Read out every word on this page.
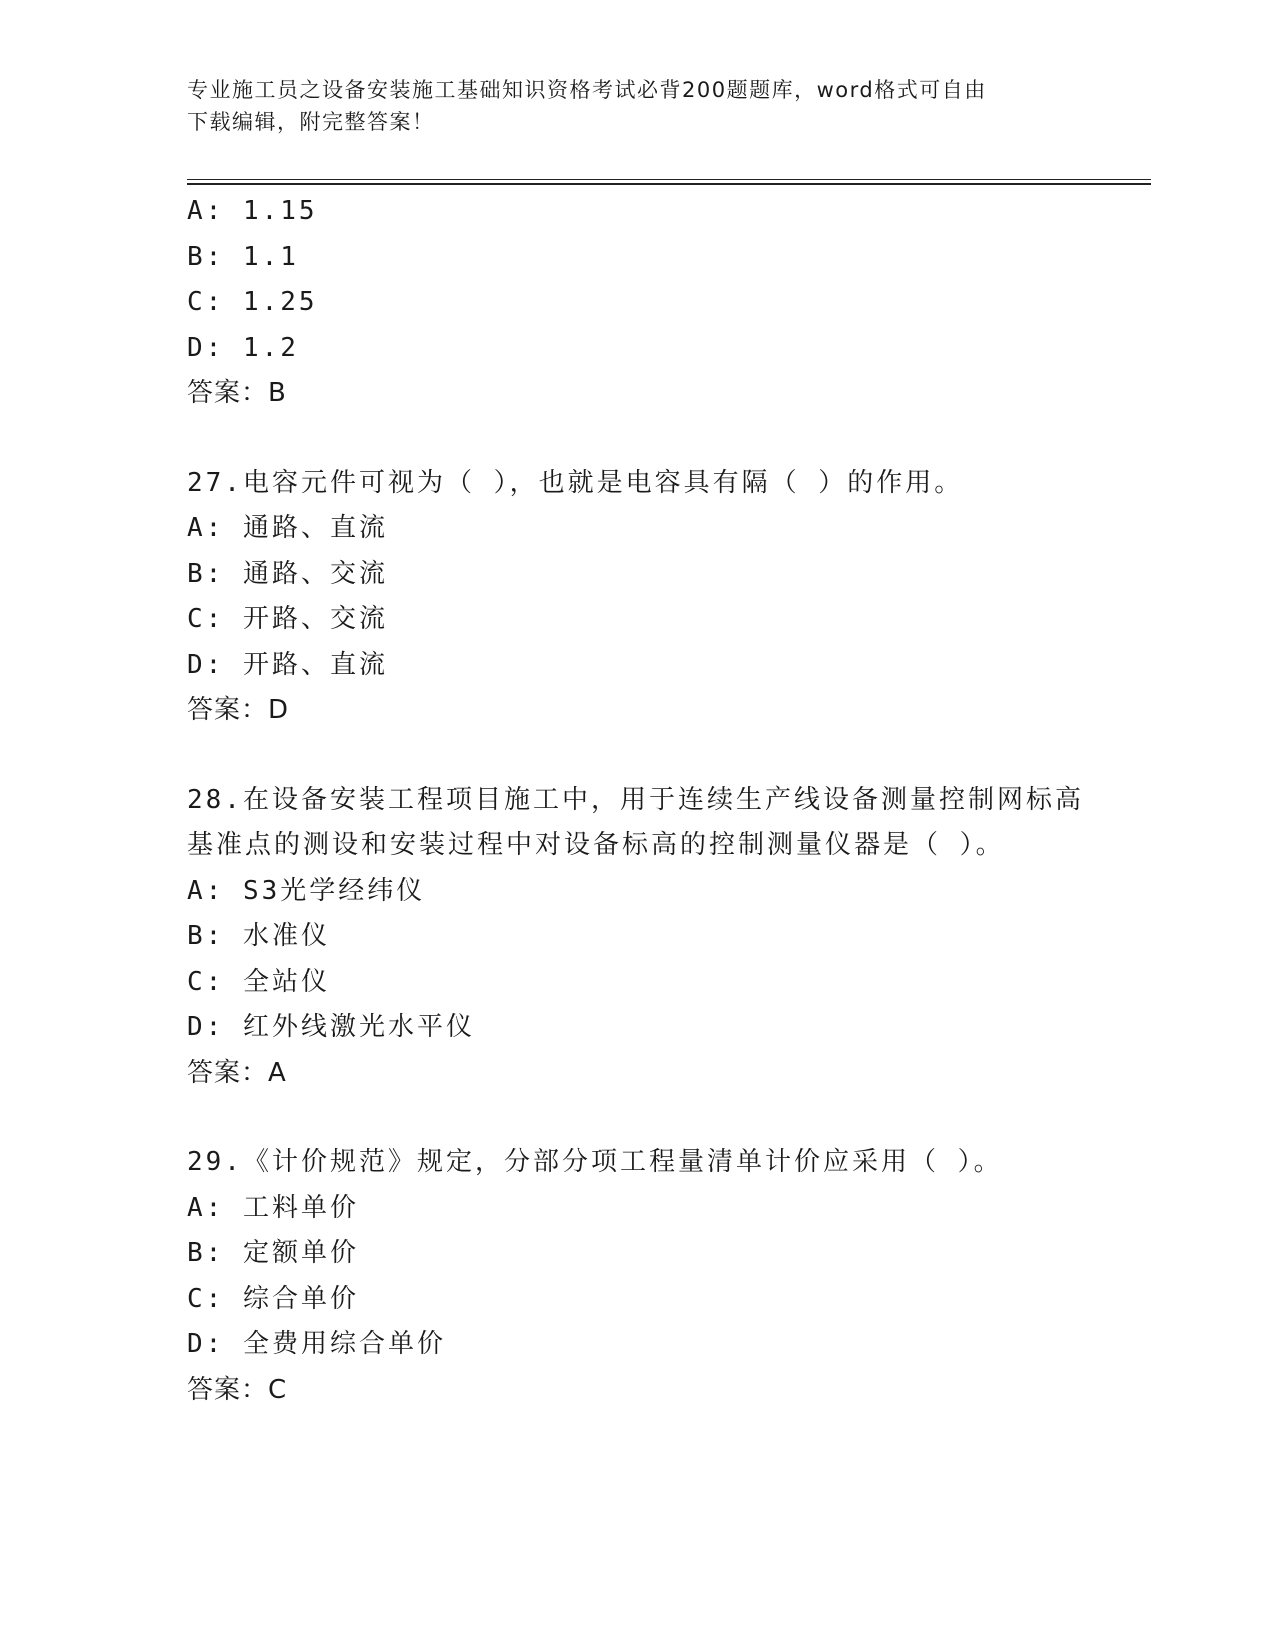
专业施工员之设备安装施工基础知识资格考试必背200题题库，word格式可自由
下载编辑，附完整答案！
A: 1.15
B: 1.1
C: 1.25
D: 1.2
答案：B
27.电容元件可视为（ ），也就是电容具有隔（ ）的作用。
A: 通路、直流
B: 通路、交流
C: 开路、交流
D: 开路、直流
答案：D
28.在设备安装工程项目施工中，用于连续生产线设备测量控制网标高
基准点的测设和安装过程中对设备标高的控制测量仪器是（ ）。
A: S3光学经纬仪
B: 水准仪
C: 全站仪
D: 红外线激光水平仪
答案：A
29.《计价规范》规定，分部分项工程量清单计价应采用（ ）。
A: 工料单价
B: 定额单价
C: 综合单价
D: 全费用综合单价
答案：C
